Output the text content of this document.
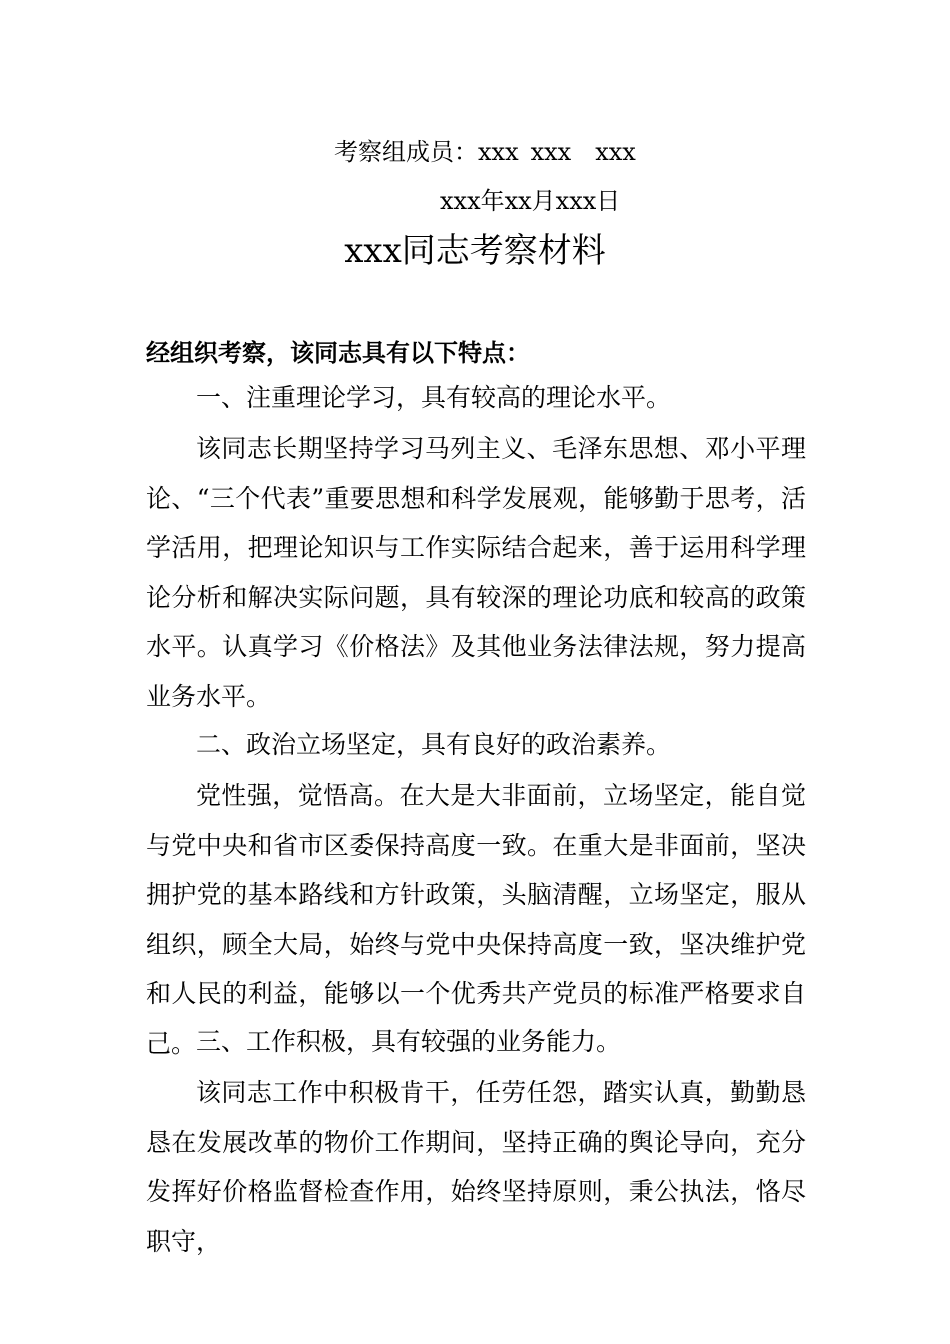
考察组成员：xxx xxx xxx
xxx年xx月xxx日
xxx同志考察材料
经组织考察，该同志具有以下特点：
一、注重理论学习，具有较高的理论水平。
该同志长期坚持学习马列主义、毛泽东思想、邓小平理论、“三个代表”重要思想和科学发展观，能够勤于思考，活学活用，把理论知识与工作实际结合起来，善于运用科学理论分析和解决实际问题，具有较深的理论功底和较高的政策水平。认真学习《价格法》及其他业务法律法规，努力提高业务水平。
二、政治立场坚定，具有良好的政治素养。
党性强，觉悟高。在大是大非面前，立场坚定，能自觉与党中央和省市区委保持高度一致。在重大是非面前，坚决拥护党的基本路线和方针政策，头脑清醒，立场坚定，服从组织，顾全大局，始终与党中央保持高度一致，坚决维护党和人民的利益，能够以一个优秀共产党员的标准严格要求自己。 三、工作积极，具有较强的业务能力。
该同志工作中积极肯干，任劳任怨，踏实认真，勤勤恳恳在发展改革的物价工作期间，坚持正确的舆论导向，充分发挥好价格监督检查作用，始终坚持原则，秉公执法，恪尽职守，
